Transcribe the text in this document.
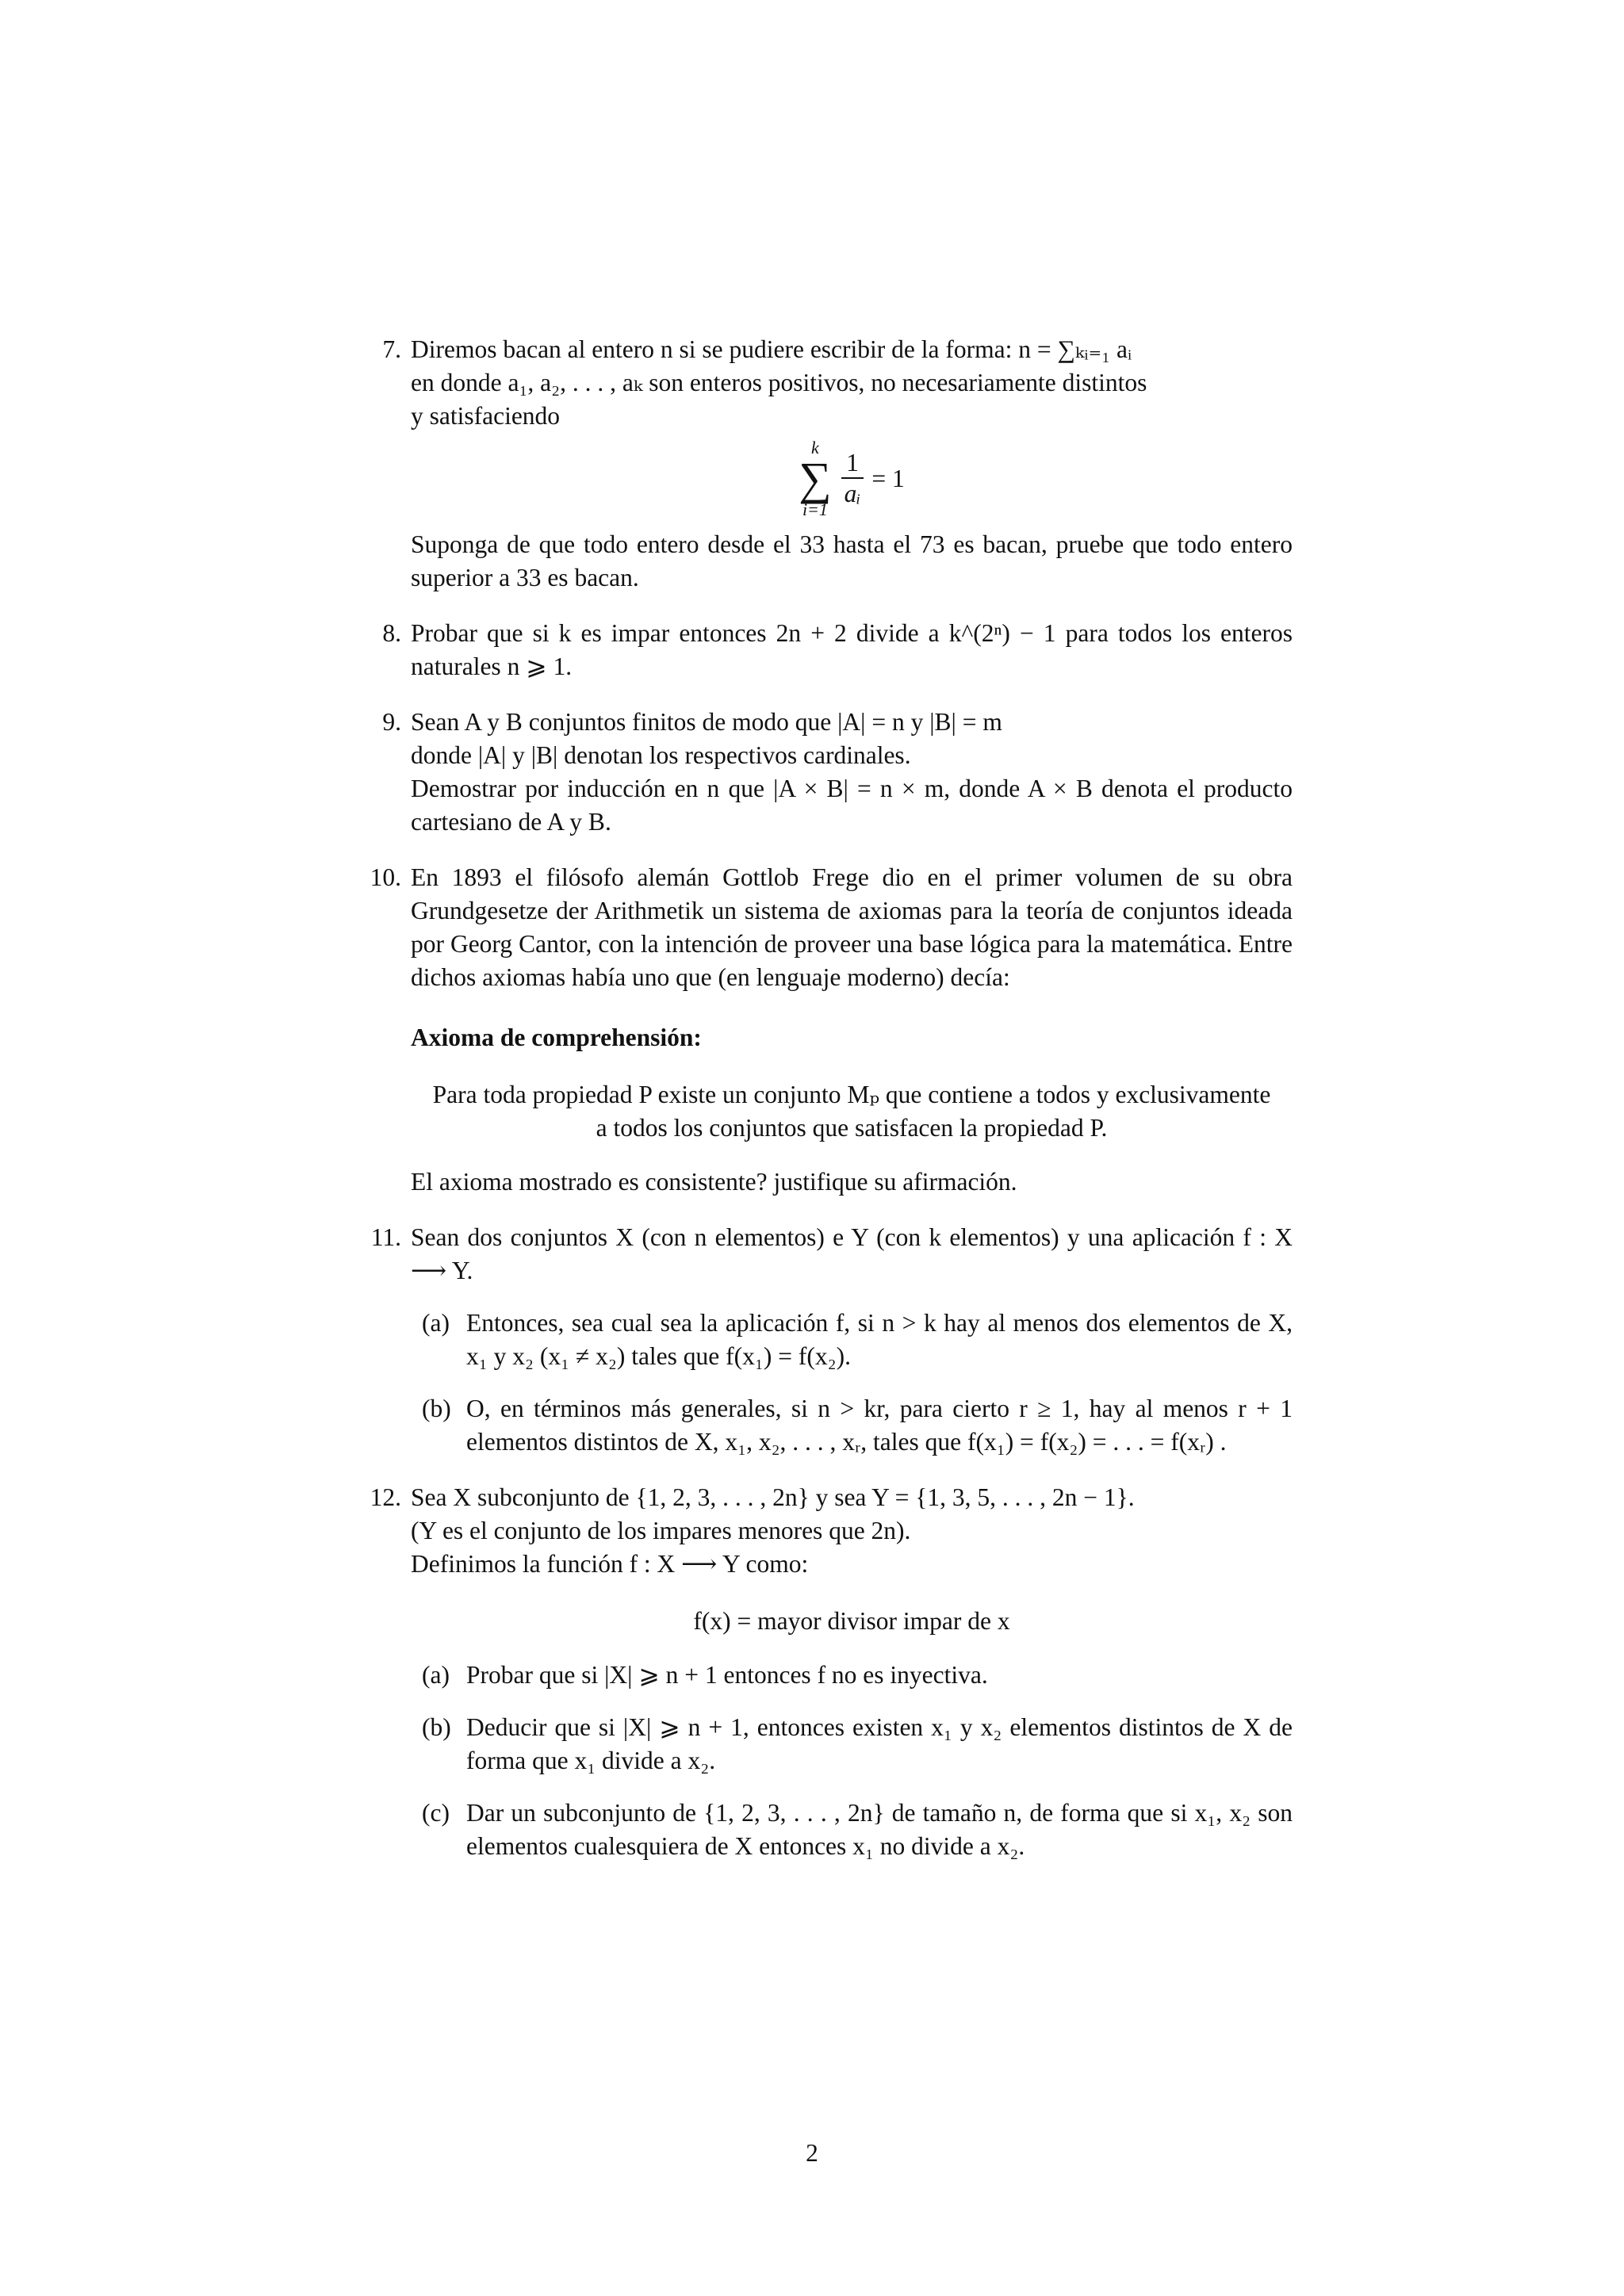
7. Diremos bacan al entero n si se pudiere escribir de la forma: n = ∑ₖᵢ₌₁ aᵢ
en donde a₁, a₂, . . . , aₖ son enteros positivos, no necesariamente distintos
y satisfaciendo
k
∑
i=1
$\frac{1}{\text{aᵢ}} = 1$
Suponga de que todo entero desde el 33 hasta el 73 es bacan, pruebe que todo entero superior a 33 es bacan.
8. Probar que si k es impar entonces 2n + 2 divide a k^(2ⁿ) − 1 para todos los enteros naturales n ⩾ 1.
9. Sean A y B conjuntos finitos de modo que |A| = n y |B| = m
donde |A| y |B| denotan los respectivos cardinales.
Demostrar por inducción en n que |A × B| = n × m, donde A × B denota el producto cartesiano de A y B.
10. En 1893 el filósofo alemán Gottlob Frege dio en el primer volumen de su obra Grundgesetze der Arithmetik un sistema de axiomas para la teoría de conjuntos ideada por Georg Cantor, con la intención de proveer una base lógica para la matemática. Entre dichos axiomas había uno que (en lenguaje moderno) decía:
Axioma de comprehensión:
Para toda propiedad P existe un conjunto Mₚ que contiene a todos y exclusivamente a todos los conjuntos que satisfacen la propiedad P.
El axioma mostrado es consistente? justifique su afirmación.
11. Sean dos conjuntos X (con n elementos) e Y (con k elementos) y una aplicación f : X ⟶ Y.
(a) Entonces, sea cual sea la aplicación f, si n > k hay al menos dos elementos de X, x₁ y x₂ (x₁ ≠ x₂) tales que f(x₁) = f(x₂).
(b) O, en términos más generales, si n > kr, para cierto r ≥ 1, hay al menos r + 1 elementos distintos de X, x₁, x₂, . . . , xᵣ, tales que f(x₁) = f(x₂) = . . . = f(xᵣ) .
12. Sea X subconjunto de {1, 2, 3, . . . , 2n} y sea Y = {1, 3, 5, . . . , 2n − 1}.
(Y es el conjunto de los impares menores que 2n).
Definimos la función f : X ⟶ Y como:
f(x) = mayor divisor impar de x
(a) Probar que si |X| ⩾ n + 1 entonces f no es inyectiva.
(b) Deducir que si |X| ⩾ n + 1, entonces existen x₁ y x₂ elementos distintos de X de forma que x₁ divide a x₂.
(c) Dar un subconjunto de {1, 2, 3, . . . , 2n} de tamaño n, de forma que si x₁, x₂ son elementos cualesquiera de X entonces x₁ no divide a x₂.
2
